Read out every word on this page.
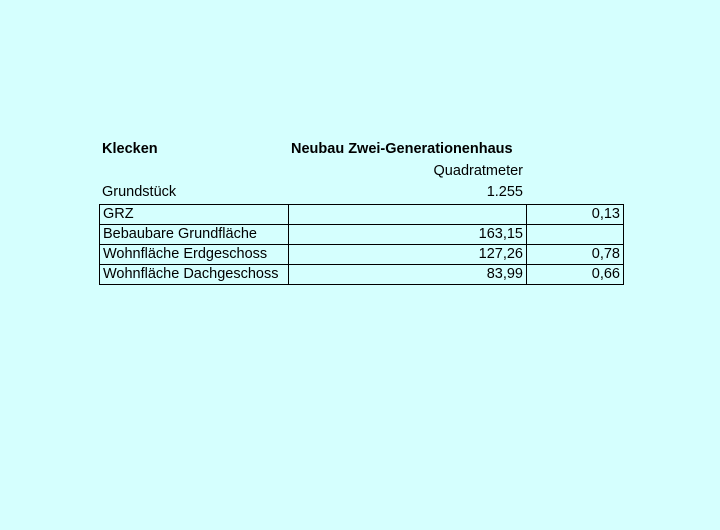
Klecken	Neubau Zwei-Generationenhaus
Quadratmeter
Grundstück	1.255
GRZ		0,13
Bebaubare Grundfläche	163,15	
Wohnfläche Erdgeschoss	127,26	0,78
Wohnfläche Dachgeschoss	83,99	0,66
